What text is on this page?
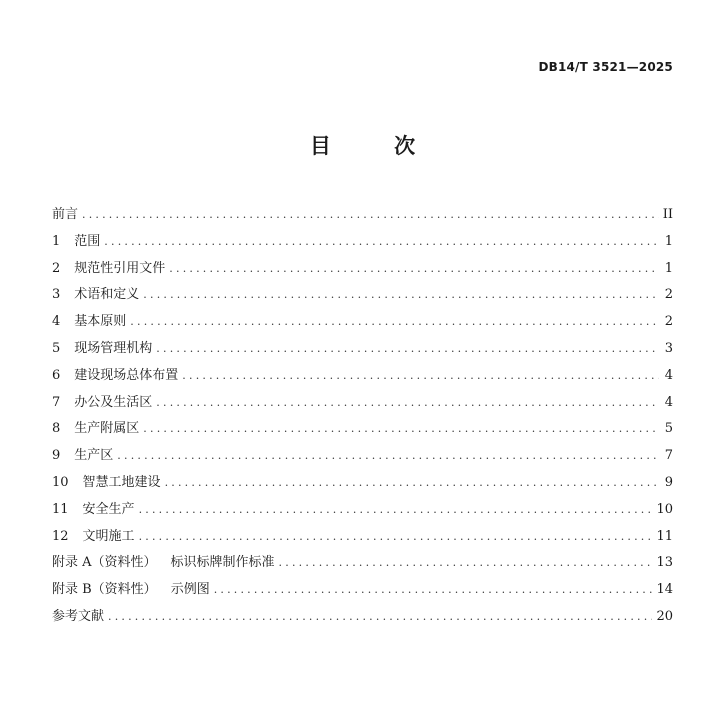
DB14/T 3521—2025
目 次
前言 .....	II
1 范围 .....	1
2 规范性引用文件 .....	1
3 术语和定义 .....	2
4 基本原则 .....	2
5 现场管理机构 .....	3
6 建设现场总体布置 .....	4
7 办公及生活区 .....	4
8 生产附属区 .....	5
9 生产区 .....	7
10 智慧工地建设 .....	9
11 安全生产 .....	10
12 文明施工 .....	11
附录 A（资料性） 标识标牌制作标准 .....	13
附录 B（资料性） 示例图 .....	14
参考文献 .....	20
